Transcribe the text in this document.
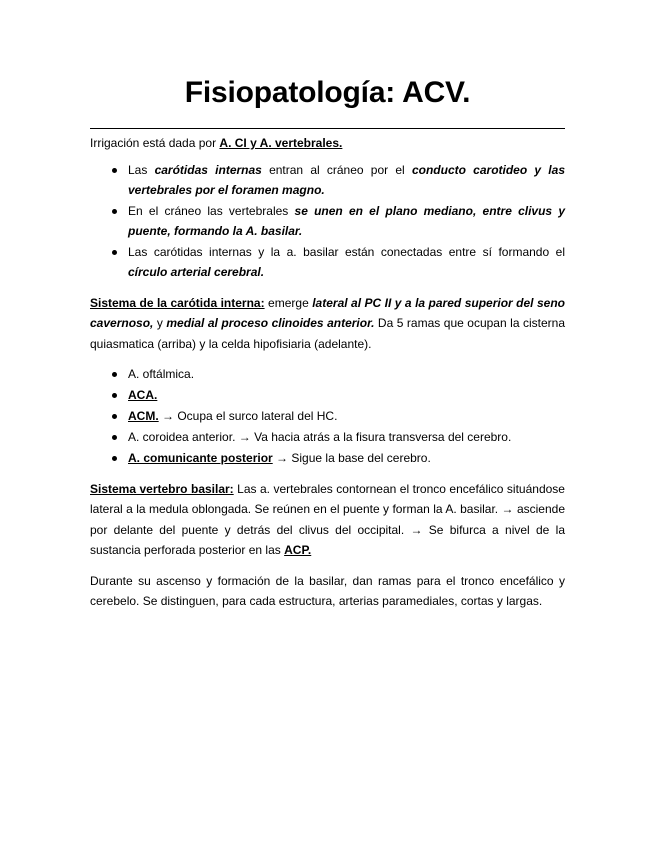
Fisiopatología: ACV.

Irrigación está dada por A. CI y A. vertebrales.

Las carótidas internas entran al cráneo por el conducto carotideo y las vertebrales por el foramen magno.
En el cráneo las vertebrales se unen en el plano mediano, entre clivus y puente, formando la A. basilar.
Las carótidas internas y la a. basilar están conectadas entre sí formando el círculo arterial cerebral.

Sistema de la carótida interna: emerge lateral al PC II y a la pared superior del seno cavernoso, y medial al proceso clinoides anterior. Da 5 ramas que ocupan la cisterna quiasmatica (arriba) y la celda hipofisiaria (adelante).

A. oftálmica.
ACA.
ACM. → Ocupa el surco lateral del HC.
A. coroidea anterior. → Va hacia atrás a la fisura transversa del cerebro.
A. comunicante posterior → Sigue la base del cerebro.

Sistema vertebro basilar: Las a. vertebrales contornean el tronco encefálico situándose lateral a la medula oblongada. Se reúnen en el puente y forman la A. basilar. → asciende por delante del puente y detrás del clivus del occipital. → Se bifurca a nivel de la sustancia perforada posterior en las ACP.

Durante su ascenso y formación de la basilar, dan ramas para el tronco encefálico y cerebelo. Se distinguen, para cada estructura, arterias paramediales, cortas y largas.
